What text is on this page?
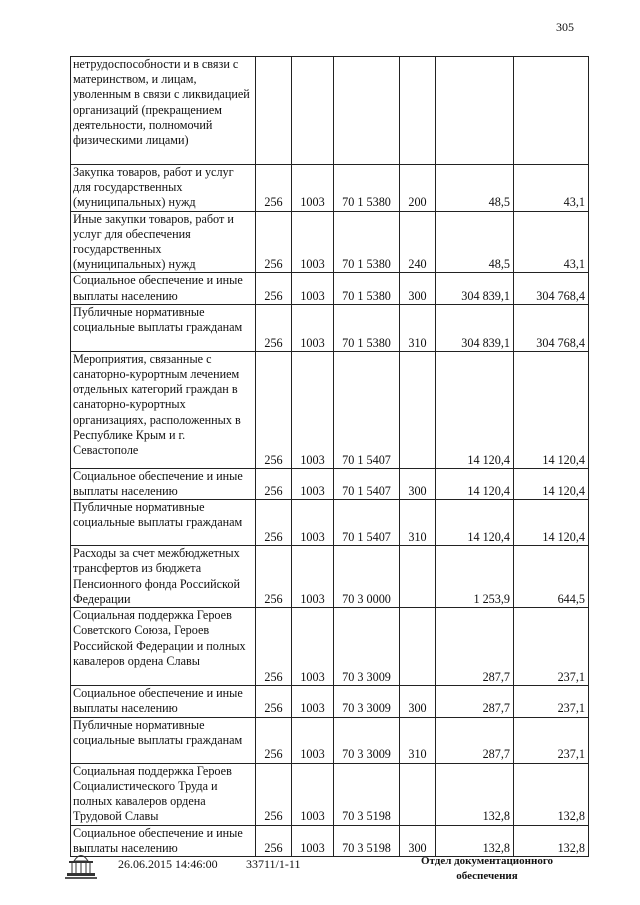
305
нетрудоспособности и в связи с материнством, и лицам, уволенным в связи с ликвидацией организаций (прекращением деятельности, полномочий физическими лицами)						
Закупка товаров, работ и услуг для государственных (муниципальных) нужд	256	1003	70 1 5380	200	48,5	43,1
Иные закупки товаров, работ и услуг для обеспечения государственных (муниципальных) нужд	256	1003	70 1 5380	240	48,5	43,1
Социальное обеспечение и иные выплаты населению	256	1003	70 1 5380	300	304 839,1	304 768,4
Публичные нормативные социальные выплаты гражданам	256	1003	70 1 5380	310	304 839,1	304 768,4
Мероприятия, связанные с санаторно-курортным лечением отдельных категорий граждан в санаторно-курортных организациях, расположенных в Республике Крым и г. Севастополе	256	1003	70 1 5407		14 120,4	14 120,4
Социальное обеспечение и иные выплаты населению	256	1003	70 1 5407	300	14 120,4	14 120,4
Публичные нормативные социальные выплаты гражданам	256	1003	70 1 5407	310	14 120,4	14 120,4
Расходы за счет межбюджетных трансфертов из бюджета Пенсионного фонда Российской Федерации	256	1003	70 3 0000		1 253,9	644,5
Социальная поддержка Героев Советского Союза, Героев Российской Федерации и полных кавалеров ордена Славы	256	1003	70 3 3009		287,7	237,1
Социальное обеспечение и иные выплаты населению	256	1003	70 3 3009	300	287,7	237,1
Публичные нормативные социальные выплаты гражданам	256	1003	70 3 3009	310	287,7	237,1
Социальная поддержка Героев Социалистического Труда и полных кавалеров ордена Трудовой Славы	256	1003	70 3 5198		132,8	132,8
Социальное обеспечение и иные выплаты населению	256	1003	70 3 5198	300	132,8	132,8
26.06.2015 14:46:00 33711/1-11	Отдел документационного
обеспечения
